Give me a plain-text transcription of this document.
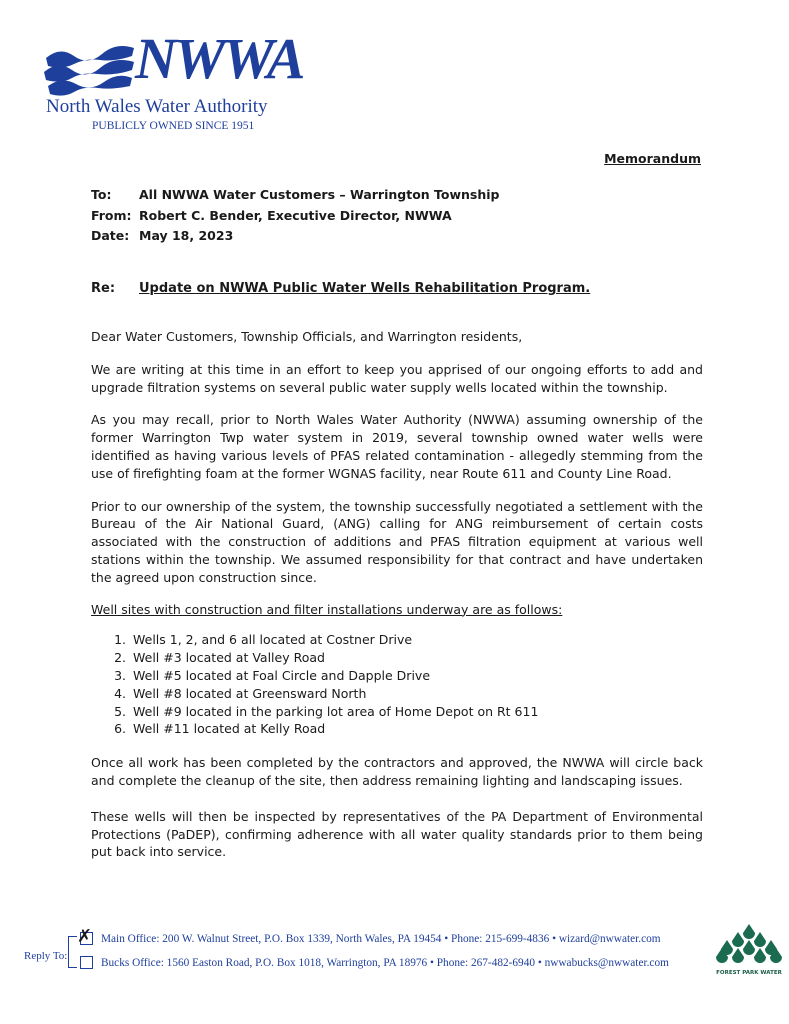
NWWA
North Wales Water Authority
PUBLICLY OWNED SINCE 1951
Memorandum
To:	All NWWA Water Customers – Warrington Township
From: Robert C. Bender, Executive Director, NWWA
Date: May 18, 2023
Re:	Update on NWWA Public Water Wells Rehabilitation Program.

Dear Water Customers, Township Officials, and Warrington residents,

We are writing at this time in an effort to keep you apprised of our ongoing efforts to add and upgrade filtration systems on several public water supply wells located within the township.

As you may recall, prior to North Wales Water Authority (NWWA) assuming ownership of the former Warrington Twp water system in 2019, several township owned water wells were identified as having various levels of PFAS related contamination - allegedly stemming from the use of firefighting foam at the former WGNAS facility, near Route 611 and County Line Road.

Prior to our ownership of the system, the township successfully negotiated a settlement with the Bureau of the Air National Guard, (ANG) calling for ANG reimbursement of certain costs associated with the construction of additions and PFAS filtration equipment at various well stations within the township. We assumed responsibility for that contract and have undertaken the agreed upon construction since.

Well sites with construction and filter installations underway are as follows:

1. Wells 1, 2, and 6 all located at Costner Drive
2. Well #3 located at Valley Road
3. Well #5 located at Foal Circle and Dapple Drive
4. Well #8 located at Greensward North
5. Well #9 located in the parking lot area of Home Depot on Rt 611
6. Well #11 located at Kelly Road

Once all work has been completed by the contractors and approved, the NWWA will circle back and complete the cleanup of the site, then address remaining lighting and landscaping issues.

These wells will then be inspected by representatives of the PA Department of Environmental Protections (PaDEP), confirming adherence with all water quality standards prior to them being put back into service.

Reply To:
✗ Main Office: 200 W. Walnut Street, P.O. Box 1339, North Wales, PA 19454 • Phone: 215-699-4836 • wizard@nwwater.com
Bucks Office: 1560 Easton Road, P.O. Box 1018, Warrington, PA 18976 • Phone: 267-482-6940 • nwwabucks@nwwater.com
FOREST PARK WATER
